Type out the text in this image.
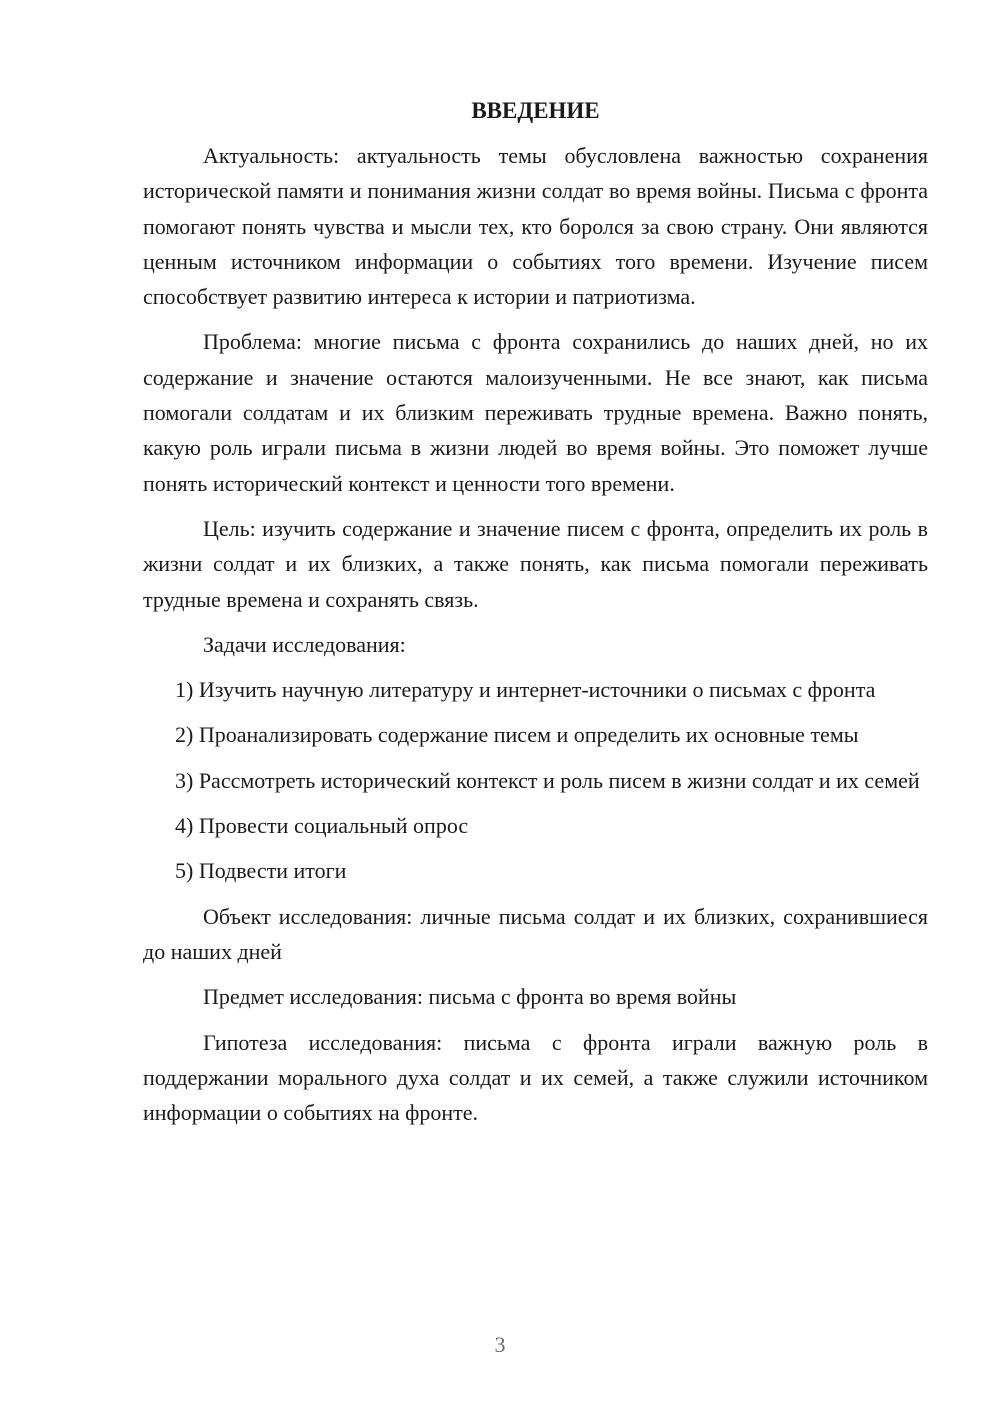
ВВЕДЕНИЕ

Актуальность: актуальность темы обусловлена важностью сохранения исторической памяти и понимания жизни солдат во время войны. Письма с фронта помогают понять чувства и мысли тех, кто боролся за свою страну. Они являются ценным источником информации о событиях того времени. Изучение писем способствует развитию интереса к истории и патриотизма.

Проблема: многие письма с фронта сохранились до наших дней, но их содержание и значение остаются малоизученными. Не все знают, как письма помогали солдатам и их близким переживать трудные времена. Важно понять, какую роль играли письма в жизни людей во время войны. Это поможет лучше понять исторический контекст и ценности того времени.

Цель: изучить содержание и значение писем с фронта, определить их роль в жизни солдат и их близких, а также понять, как письма помогали переживать трудные времена и сохранять связь.

Задачи исследования:

1) Изучить научную литературу и интернет-источники о письмах с фронта

2) Проанализировать содержание писем и определить их основные темы

3) Рассмотреть исторический контекст и роль писем в жизни солдат и их семей

4) Провести социальный опрос

5) Подвести итоги

Объект исследования: личные письма солдат и их близких, сохранившиеся до наших дней

Предмет исследования: письма с фронта во время войны

Гипотеза исследования: письма с фронта играли важную роль в поддержании морального духа солдат и их семей, а также служили источником информации о событиях на фронте.

3
